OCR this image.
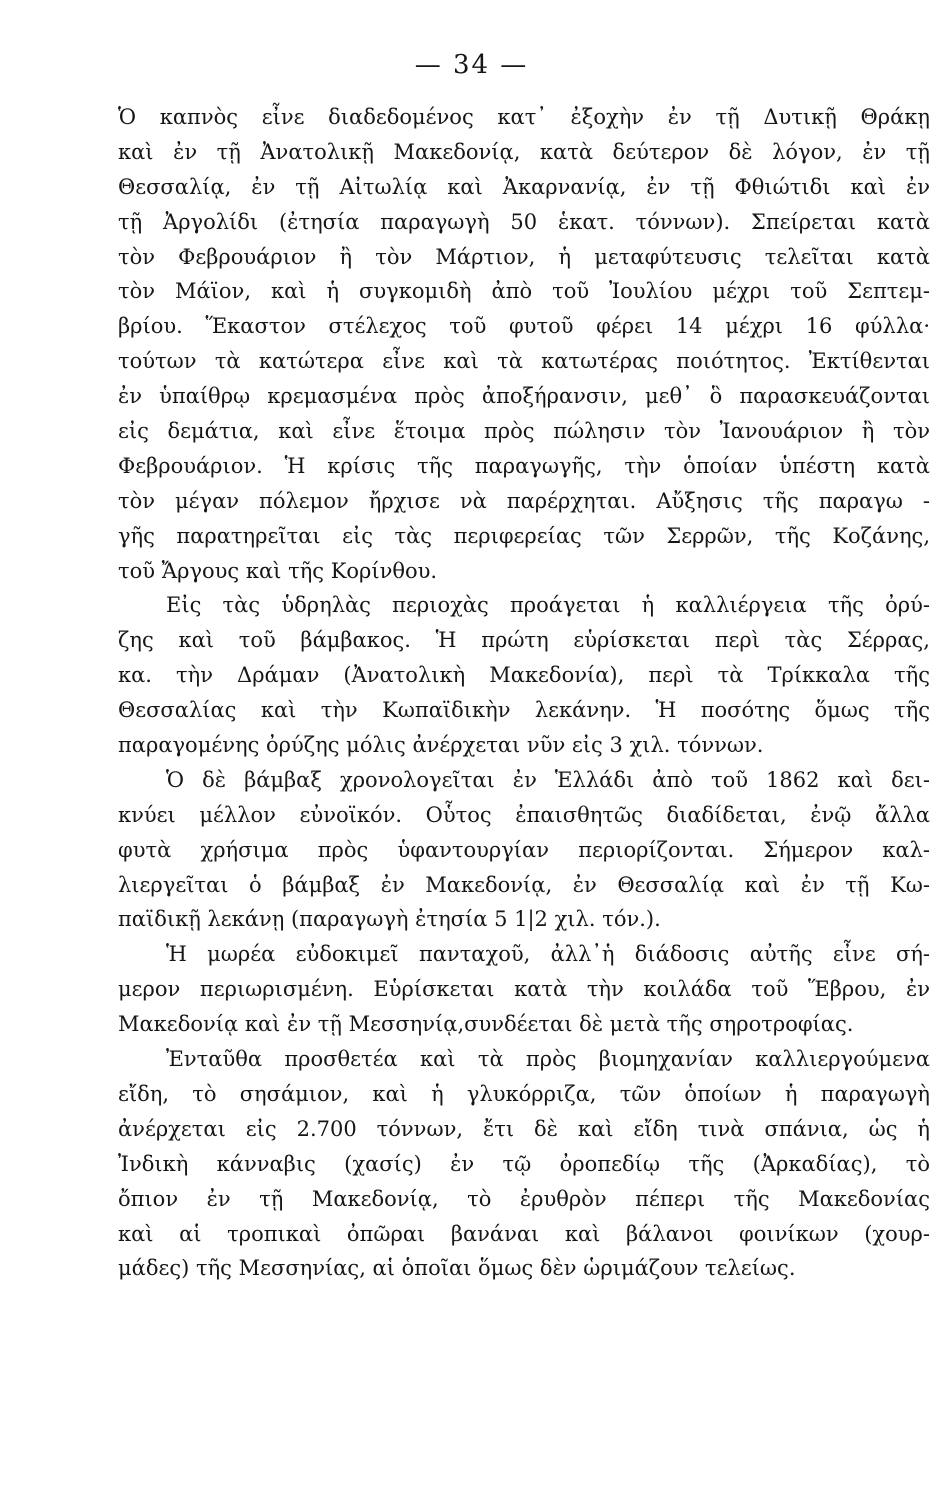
— 34 —
Ὁ καπνὸς εἶνε διαδεδομένος κατ᾽ ἐξοχὴν ἐν τῇ Δυτικῇ Θράκῃ
καὶ ἐν τῇ Ἀνατολικῇ Μακεδονίᾳ, κατὰ δεύτερον δὲ λόγον, ἐν τῇ
Θεσσαλίᾳ, ἐν τῇ Αἰτωλίᾳ καὶ Ἀκαρνανίᾳ, ἐν τῇ Φθιώτιδι καὶ ἐν
τῇ Ἀργολίδι (ἐτησία παραγωγὴ 50 ἑκατ. τόννων). Σπείρεται κατὰ
τὸν Φεβρουάριον ἢ τὸν Μάρτιον, ἡ μεταφύτευσις τελεῖται κατὰ
τὸν Μάϊον, καὶ ἡ συγκομιδὴ ἀπὸ τοῦ Ἰουλίου μέχρι τοῦ Σεπτεμ-
βρίου. Ἕκαστον στέλεχος τοῦ φυτοῦ φέρει 14 μέχρι 16 φύλλα·
τούτων τὰ κατώτερα εἶνε καὶ τὰ κατωτέρας ποιότητος. Ἐκτίθενται
ἐν ὑπαίθρῳ κρεμασμένα πρὸς ἀποξήρανσιν, μεθ᾽ ὃ παρασκευάζονται
εἰς δεμάτια, καὶ εἶνε ἕτοιμα πρὸς πώλησιν τὸν Ἰανουάριον ἢ τὸν
Φεβρουάριον. Ἡ κρίσις τῆς παραγωγῆς, τὴν ὁποίαν ὑπέστη κατὰ
τὸν μέγαν πόλεμον ἤρχισε νὰ παρέρχηται. Αὔξησις τῆς παραγω -
γῆς παρατηρεῖται εἰς τὰς περιφερείας τῶν Σερρῶν, τῆς Κοζάνης,
τοῦ Ἄργους καὶ τῆς Κορίνθου.
Εἰς τὰς ὑδρηλὰς περιοχὰς προάγεται ἡ καλλιέργεια τῆς ὀρύ-
ζης καὶ τοῦ βάμβακος. Ἡ πρώτη εὑρίσκεται περὶ τὰς Σέρρας,
κα. τὴν Δράμαν (Ἀνατολικὴ Μακεδονία), περὶ τὰ Τρίκκαλα τῆς
Θεσσαλίας καὶ τὴν Κωπαϊδικὴν λεκάνην. Ἡ ποσότης ὅμως τῆς
παραγομένης ὀρύζης μόλις ἀνέρχεται νῦν εἰς 3 χιλ. τόννων.
Ὁ δὲ βάμβαξ χρονολογεῖται ἐν Ἑλλάδι ἀπὸ τοῦ 1862 καὶ δει-
κνύει μέλλον εὐνοϊκόν. Οὗτος ἐπαισθητῶς διαδίδεται, ἐνῷ ἄλλα
φυτὰ χρήσιμα πρὸς ὑφαντουργίαν περιορίζονται. Σήμερον καλ-
λιεργεῖται ὁ βάμβαξ ἐν Μακεδονίᾳ, ἐν Θεσσαλίᾳ καὶ ἐν τῇ Κω-
παϊδικῇ λεκάνῃ (παραγωγὴ ἐτησία 5 1|2 χιλ. τόν.).
Ἡ μωρέα εὐδοκιμεῖ πανταχοῦ, ἀλλ᾽ἡ διάδοσις αὐτῆς εἶνε σή-
μερον περιωρισμένη. Εὑρίσκεται κατὰ τὴν κοιλάδα τοῦ Ἕβρου, ἐν
Μακεδονίᾳ καὶ ἐν τῇ Μεσσηνίᾳ,συνδέεται δὲ μετὰ τῆς σηροτροφίας.
Ἐνταῦθα προσθετέα καὶ τὰ πρὸς βιομηχανίαν καλλιεργούμενα
εἴδη, τὸ σησάμιον, καὶ ἡ γλυκόρριζα, τῶν ὁποίων ἡ παραγωγὴ
ἀνέρχεται εἰς 2.700 τόννων, ἔτι δὲ καὶ εἴδη τινὰ σπάνια, ὡς ἡ
Ἰνδικὴ κάνναβις (χασίς) ἐν τῷ ὀροπεδίῳ τῆς (Ἀρκαδίας), τὸ
ὄπιον ἐν τῇ Μακεδονίᾳ, τὸ ἐρυθρὸν πέπερι τῆς Μακεδονίας
καὶ αἱ τροπικαὶ ὀπῶραι βανάναι καὶ βάλανοι φοινίκων (χουρ-
μάδες) τῆς Μεσσηνίας, αἱ ὁποῖαι ὅμως δὲν ὡριμάζουν τελείως.
